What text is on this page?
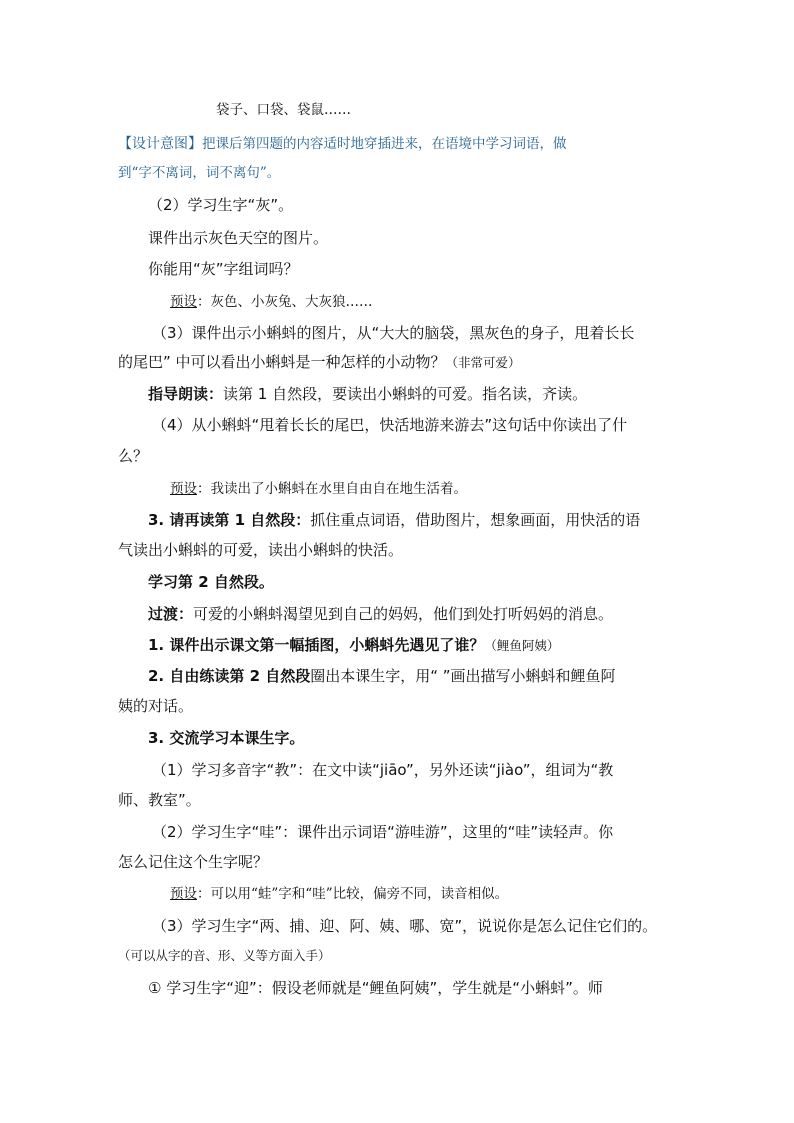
袋子、口袋、袋鼠……
【设计意图】把课后第四题的内容适时地穿插进来，在语境中学习词语，做
到“字不离词，词不离句”。
（2）学习生字“灰”。
课件出示灰色天空的图片。
你能用“灰”字组词吗？
预设：灰色、小灰兔、大灰狼……
（3）课件出示小蝌蚪的图片，从“大大的脑袋，黑灰色的身子，甩着长长
的尾巴” 中可以看出小蝌蚪是一种怎样的小动物？（非常可爱）
指导朗读：读第 1 自然段，要读出小蝌蚪的可爱。指名读，齐读。
（4）从小蝌蚪“甩着长长的尾巴，快活地游来游去”这句话中你读出了什
么？
预设：我读出了小蝌蚪在水里自由自在地生活着。
3. 请再读第 1 自然段：抓住重点词语，借助图片，想象画面，用快活的语
气读出小蝌蚪的可爱，读出小蝌蚪的快活。
学习第 2 自然段。
过渡：可爱的小蝌蚪渴望见到自己的妈妈，他们到处打听妈妈的消息。
1. 课件出示课文第一幅插图，小蝌蚪先遇见了谁？（鲤鱼阿姨）
2. 自由练读第 2 自然段圈出本课生字，用“ ”画出描写小蝌蚪和鲤鱼阿
姨的对话。
3. 交流学习本课生字。
（1）学习多音字“教”：在文中读“jiāo”，另外还读“jiào”，组词为“教
师、教室”。
（2）学习生字“哇”：课件出示词语“游哇游”，这里的“哇”读轻声。你
怎么记住这个生字呢？
预设：可以用“蛙”字和“哇”比较，偏旁不同，读音相似。
（3）学习生字“两、捕、迎、阿、姨、哪、宽”，说说你是怎么记住它们的。
（可以从字的音、形、义等方面入手）
① 学习生字“迎”：假设老师就是“鲤鱼阿姨”，学生就是“小蝌蚪”。师
